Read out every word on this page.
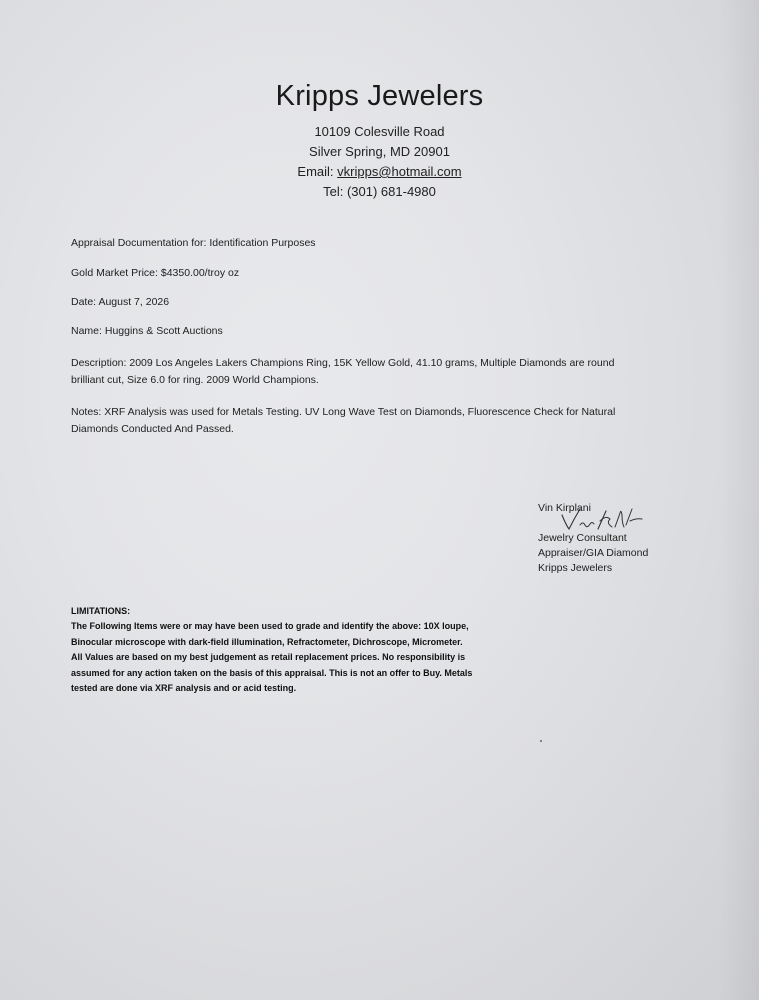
Kripps Jewelers
10109 Colesville Road
Silver Spring, MD 20901
Email: vkripps@hotmail.com
Tel: (301) 681-4980
Appraisal Documentation for: Identification Purposes
Gold Market Price: $4350.00/troy oz
Date: August 7, 2026
Name: Huggins & Scott Auctions
Description: 2009 Los Angeles Lakers Champions Ring, 15K Yellow Gold, 41.10 grams, Multiple Diamonds are round
brilliant cut, Size 6.0 for ring. 2009 World Champions.
Notes: XRF Analysis was used for Metals Testing. UV Long Wave Test on Diamonds, Fluorescence Check for Natural
Diamonds Conducted And Passed.
Vin Kirplani
Jewelry Consultant
Appraiser/GIA Diamond
Kripps Jewelers
LIMITATIONS:
The Following Items were or may have been used to grade and identify the above: 10X loupe,
Binocular microscope with dark-field illumination, Refractometer, Dichroscope, Micrometer.
All Values are based on my best judgement as retail replacement prices. No responsibility is
assumed for any action taken on the basis of this appraisal. This is not an offer to Buy. Metals
tested are done via XRF analysis and or acid testing.
